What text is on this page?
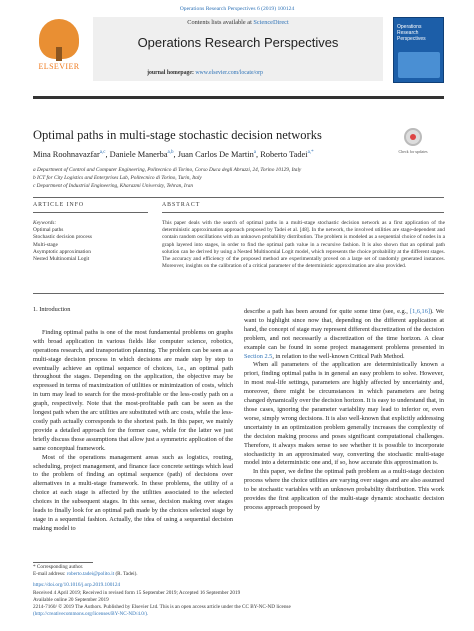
Operations Research Perspectives 6 (2019) 100124
ELSEVIER
Contents lists available at ScienceDirect
Operations Research Perspectives
Operations Research Perspectives
journal homepage: www.elsevier.com/locate/orp
Optimal paths in multi-stage stochastic decision networks
Check for updates
Mina Roohnavazfar$^{a,c}$, Daniele Manerba$^{a,b}$, Juan Carlos De Martin$^a$, Roberto Tadei$^{a,*}$
a Department of Control and Computer Engineering, Politecnico di Torino, Corso Duca degli Abruzzi, 24, Torino 10129, Italy
b ICT for City Logistics and Enterprises Lab, Politecnico di Torino, Turin, Italy
c Department of Industrial Engineering, Kharazmi University, Tehran, Iran
ARTICLE INFO	ABSTRACT
Keywords:
Optimal paths
Stochastic decision process
Multi-stage
Asymptotic approximation
Nested Multinomial Logit
This paper deals with the search of optimal paths in a multi-stage stochastic decision network as a first application of the deterministic approximation approach proposed by Tadei et al. [48]. In the network, the involved utilities are stage-dependent and contain random oscillations with an unknown probability distribution. The problem is modeled as a sequential choice of nodes in a graph layered into stages, in order to find the optimal path value in a recursive fashion. It is also shown that an optimal path solution can be derived by using a Nested Multinomial Logit model, which represents the choice probability at the different stages. The accuracy and efficiency of the proposed method are experimentally proved on a large set of randomly generated instances. Moreover, insights on the calibration of a critical parameter of the deterministic approximation are also provided.
1. Introduction

Finding optimal paths is one of the most fundamental problems on graphs with broad application in various fields like computer science, robotics, operations research, and transportation planning. The problem can be seen as a multi-stage decision process in which decisions are made step by step to eventually achieve an optimal sequence of choices, i.e., an optimal path throughout the stages. Depending on the application, the objective may be expressed in terms of maximization of utilities or minimization of costs, which in turn may lead to search for the most-profitable or the less-costly path on a graph, respectively. Note that the most-profitable path can be seen as the longest path when the arc utilities are substituted with arc costs, while the less-costly path actually corresponds to the shortest path. In this paper, we mainly provide a detailed approach for the former case, while for the latter we just briefly discuss those assumptions that allow just a symmetric application of the same conceptual framework.

Most of the operations management areas such as logistics, routing, scheduling, project management, and finance face concrete settings which lead to the problem of finding an optimal sequence (path) of decisions over alternatives in a multi-stage framework. In these problems, the utility of a choice at each stage is affected by the utilities associated to the selected choices in the subsequent stages. In this sense, decision making over stages leads to finally look for an optimal path made by the choices selected stage by stage in a sequential fashion. Actually, the idea of using a sequential decision making model to

describe a path has been around for quite some time (see, e.g., [1,6,16]). We want to highlight since now that, depending on the different application at hand, the concept of stage may represent different discretization of the decision problem, and not necessarily a discretization of the time horizon. A clear example can be found in some project management problems presented in Section 2.5, in relation to the well-known Critical Path Method.

When all parameters of the application are deterministically known a priori, finding optimal paths is in general an easy problem to solve. However, in most real-life settings, parameters are highly affected by uncertainty and, moreover, there might be circumstances in which parameters are being changed dynamically over the decision horizon. It is easy to understand that, in those cases, ignoring the parameter variability may lead to inferior or, even worse, simply wrong decisions. It is also well-known that explicitly addressing uncertainty in an optimization problem generally increases the complexity of the decision making process and poses significant computational challenges. Therefore, it always makes sense to see whether it is possible to incorporate stochasticity in an approximated way, converting the stochastic multi-stage model into a deterministic one and, if so, how accurate this approximation is.

In this paper, we define the optimal path problem as a multi-stage decision process where the choice utilities are varying over stages and are also assumed to be stochastic variables with an unknown probability distribution. This work provides the first application of the multi-stage dynamic stochastic decision process approach proposed by

* Corresponding author.
E-mail address: roberto.tadei@polito.it (R. Tadei).
https://doi.org/10.1016/j.orp.2019.100124
Received 4 April 2019; Received in revised form 15 September 2019; Accepted 16 September 2019
Available online 20 September 2019
2214-7160/ © 2019 The Authors. Published by Elsevier Ltd. This is an open access article under the CC BY-NC-ND license
(http://creativecommons.org/licenses/BY-NC-ND/4.0/).
